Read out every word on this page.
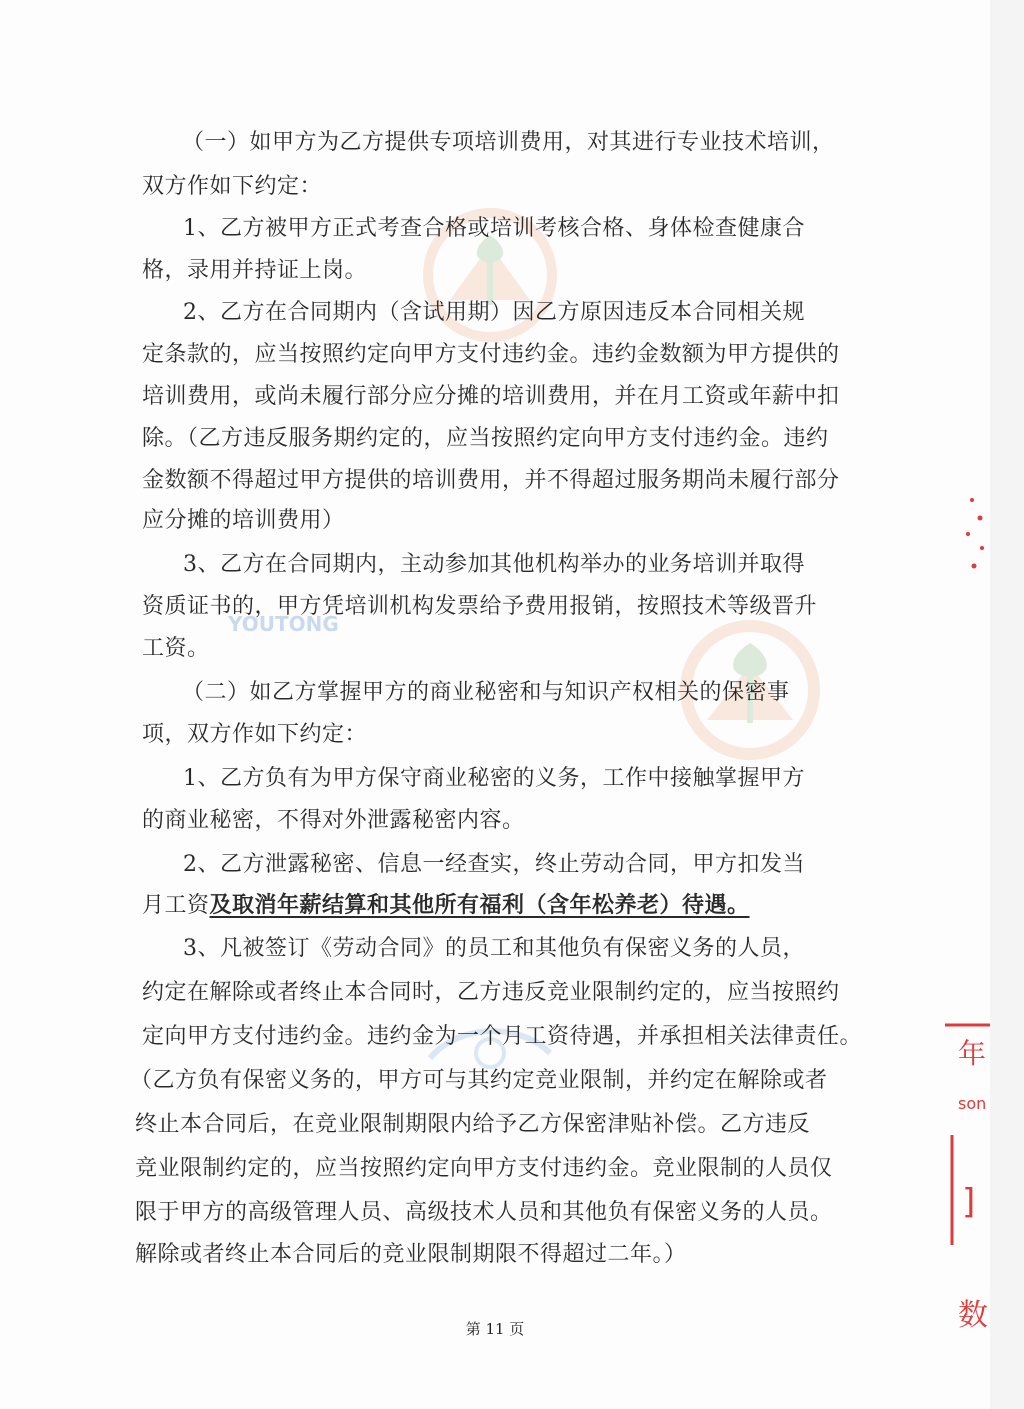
YOUTONG
（一）如甲方为乙方提供专项培训费用，对其进行专业技术培训，
双方作如下约定：
1、乙方被甲方正式考查合格或培训考核合格、身体检查健康合
格，录用并持证上岗。
2、乙方在合同期内（含试用期）因乙方原因违反本合同相关规
定条款的，应当按照约定向甲方支付违约金。违约金数额为甲方提供的
培训费用，或尚未履行部分应分摊的培训费用，并在月工资或年薪中扣
除。（乙方违反服务期约定的，应当按照约定向甲方支付违约金。违约
金数额不得超过甲方提供的培训费用，并不得超过服务期尚未履行部分
应分摊的培训费用）
3、乙方在合同期内，主动参加其他机构举办的业务培训并取得
资质证书的，甲方凭培训机构发票给予费用报销，按照技术等级晋升
工资。
（二）如乙方掌握甲方的商业秘密和与知识产权相关的保密事
项，双方作如下约定：
1、乙方负有为甲方保守商业秘密的义务，工作中接触掌握甲方
的商业秘密，不得对外泄露秘密内容。
2、乙方泄露秘密、信息一经查实，终止劳动合同，甲方扣发当
月工资及取消年薪结算和其他所有福利（含年松养老）待遇。
3、凡被签订《劳动合同》的员工和其他负有保密义务的人员，
约定在解除或者终止本合同时，乙方违反竞业限制约定的，应当按照约
定向甲方支付违约金。违约金为一个月工资待遇，并承担相关法律责任。
（乙方负有保密义务的，甲方可与其约定竞业限制，并约定在解除或者
终止本合同后，在竞业限制期限内给予乙方保密津贴补偿。乙方违反
竞业限制约定的，应当按照约定向甲方支付违约金。竞业限制的人员仅
限于甲方的高级管理人员、高级技术人员和其他负有保密义务的人员。
解除或者终止本合同后的竞业限制期限不得超过二年。）
第 11 页
年
son
]
数
